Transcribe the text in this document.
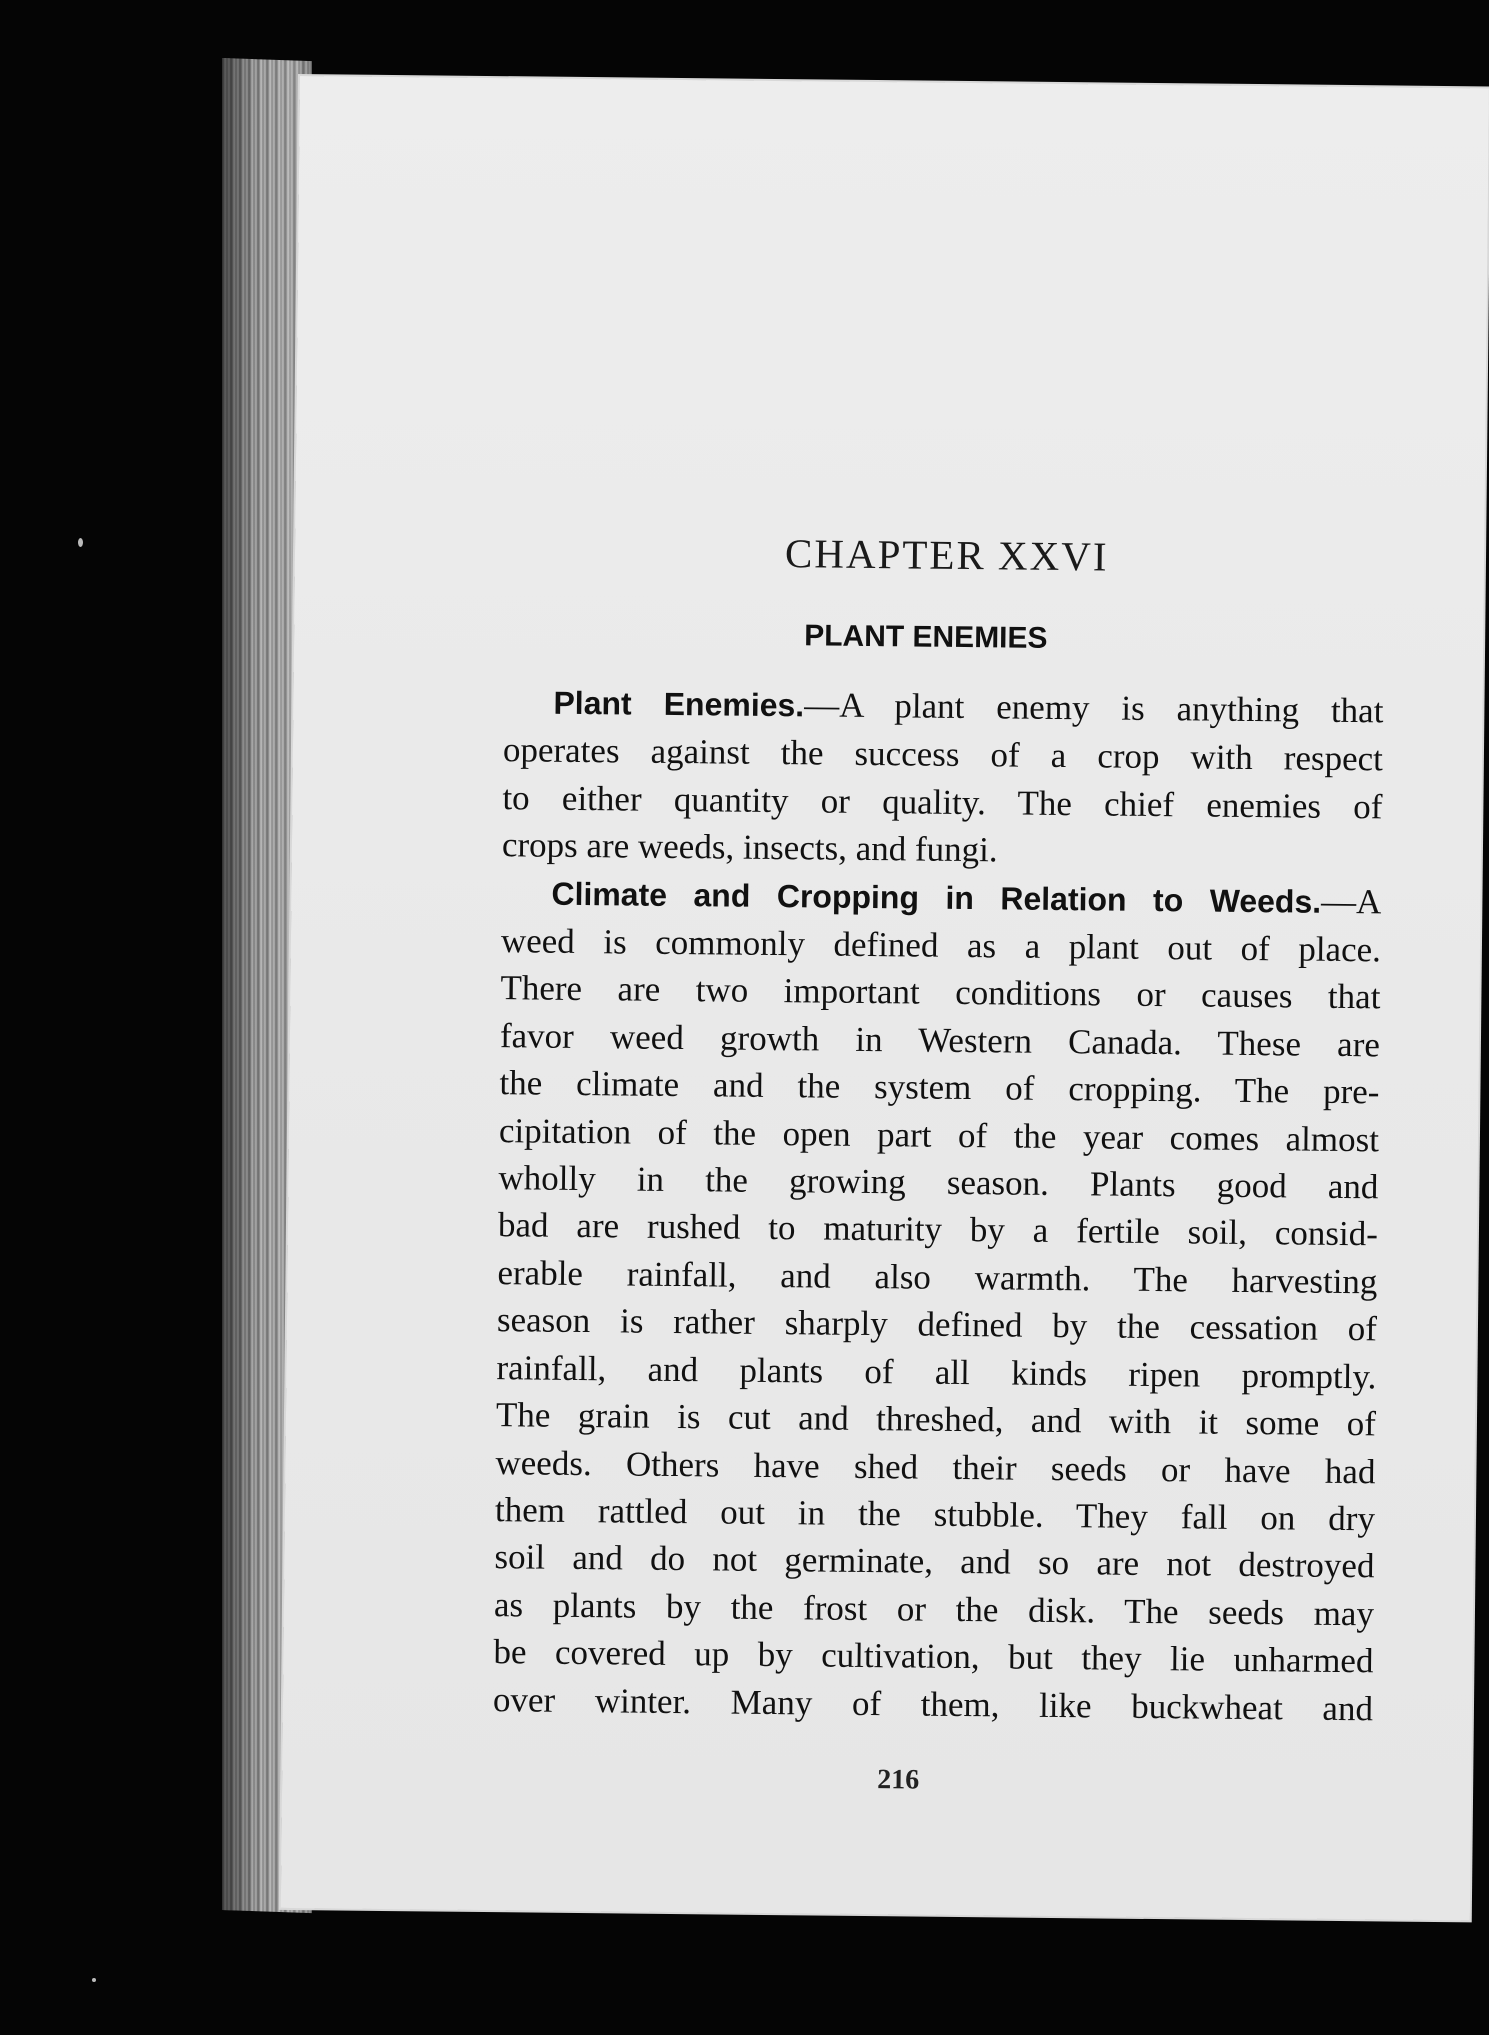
CHAPTER XXVI
PLANT ENEMIES
Plant Enemies.—A plant enemy is anything that
operates against the success of a crop with respect
to either quantity or quality. The chief enemies of
crops are weeds, insects, and fungi.
Climate and Cropping in Relation to Weeds.—A
weed is commonly defined as a plant out of place.
There are two important conditions or causes that
favor weed growth in Western Canada. These are
the climate and the system of cropping. The pre-
cipitation of the open part of the year comes almost
wholly in the growing season. Plants good and
bad are rushed to maturity by a fertile soil, consid-
erable rainfall, and also warmth. The harvesting
season is rather sharply defined by the cessation of
rainfall, and plants of all kinds ripen promptly.
The grain is cut and threshed, and with it some of
weeds. Others have shed their seeds or have had
them rattled out in the stubble. They fall on dry
soil and do not germinate, and so are not destroyed
as plants by the frost or the disk. The seeds may
be covered up by cultivation, but they lie unharmed
over winter. Many of them, like buckwheat and
216
